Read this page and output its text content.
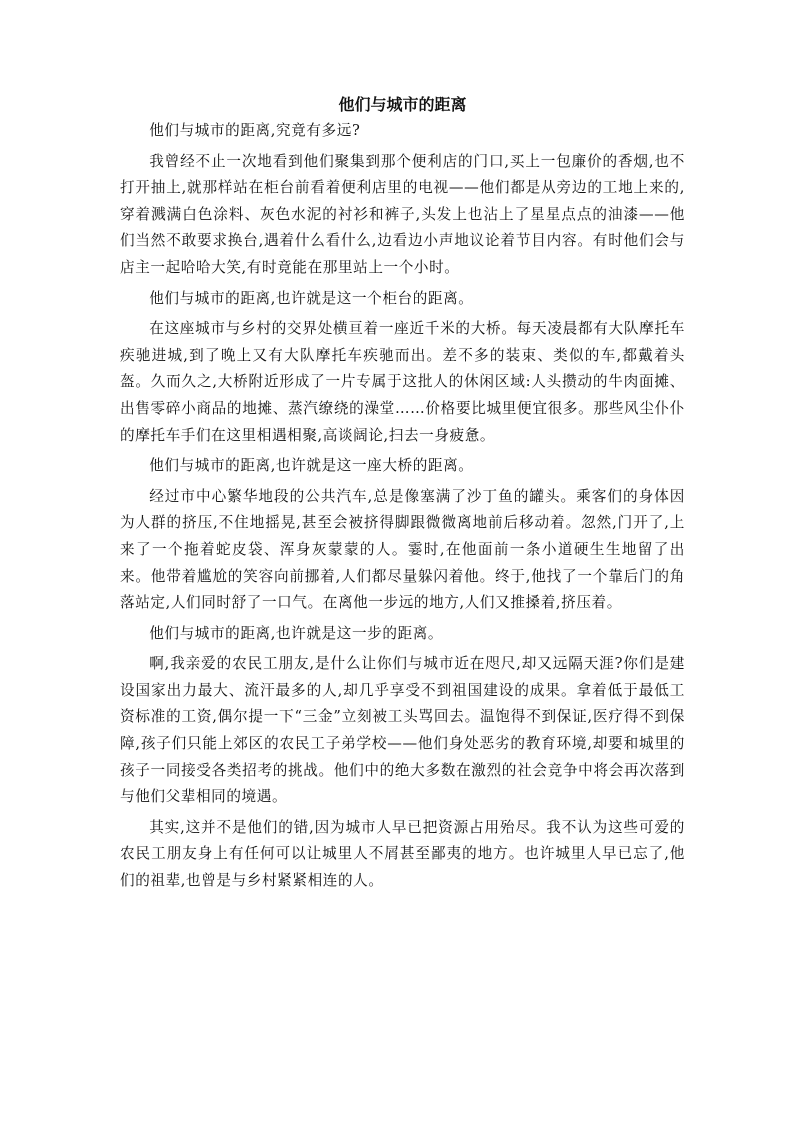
他们与城市的距离

他们与城市的距离,究竟有多远?

我曾经不止一次地看到他们聚集到那个便利店的门口,买上一包廉价的香烟,也不打开抽上,就那样站在柜台前看着便利店里的电视——他们都是从旁边的工地上来的,穿着溅满白色涂料、灰色水泥的衬衫和裤子,头发上也沾上了星星点点的油漆——他们当然不敢要求换台,遇着什么看什么,边看边小声地议论着节目内容。有时他们会与店主一起哈哈大笑,有时竟能在那里站上一个小时。

他们与城市的距离,也许就是这一个柜台的距离。

在这座城市与乡村的交界处横亘着一座近千米的大桥。每天凌晨都有大队摩托车疾驰进城,到了晚上又有大队摩托车疾驰而出。差不多的装束、类似的车,都戴着头盔。久而久之,大桥附近形成了一片专属于这批人的休闲区域:人头攒动的牛肉面摊、出售零碎小商品的地摊、蒸汽缭绕的澡堂……价格要比城里便宜很多。那些风尘仆仆的摩托车手们在这里相遇相聚,高谈阔论,扫去一身疲惫。

他们与城市的距离,也许就是这一座大桥的距离。

经过市中心繁华地段的公共汽车,总是像塞满了沙丁鱼的罐头。乘客们的身体因为人群的挤压,不住地摇晃,甚至会被挤得脚跟微微离地前后移动着。忽然,门开了,上来了一个拖着蛇皮袋、浑身灰蒙蒙的人。霎时,在他面前一条小道硬生生地留了出来。他带着尴尬的笑容向前挪着,人们都尽量躲闪着他。终于,他找了一个靠后门的角落站定,人们同时舒了一口气。在离他一步远的地方,人们又推搡着,挤压着。

他们与城市的距离,也许就是这一步的距离。

啊,我亲爱的农民工朋友,是什么让你们与城市近在咫尺,却又远隔天涯?你们是建设国家出力最大、流汗最多的人,却几乎享受不到祖国建设的成果。拿着低于最低工资标准的工资,偶尔提一下“三金”立刻被工头骂回去。温饱得不到保证,医疗得不到保障,孩子们只能上郊区的农民工子弟学校——他们身处恶劣的教育环境,却要和城里的孩子一同接受各类招考的挑战。他们中的绝大多数在激烈的社会竞争中将会再次落到与他们父辈相同的境遇。

其实,这并不是他们的错,因为城市人早已把资源占用殆尽。我不认为这些可爱的农民工朋友身上有任何可以让城里人不屑甚至鄙夷的地方。也许城里人早已忘了,他们的祖辈,也曾是与乡村紧紧相连的人。
